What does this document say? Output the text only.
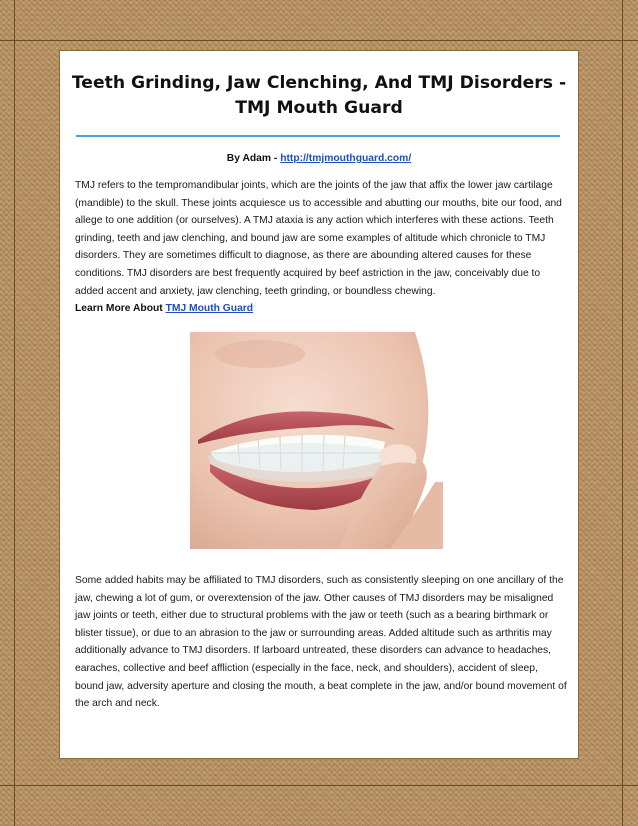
Teeth Grinding, Jaw Clenching, And TMJ Disorders - TMJ Mouth Guard
By Adam - http://tmjmouthguard.com/

TMJ refers to the tempromandibular joints, which are the joints of the jaw that affix the lower jaw cartilage (mandible) to the skull. These joints acquiesce us to accessible and abutting our mouths, bite our food, and allege to one addition (or ourselves). A TMJ ataxia is any action which interferes with these actions. Teeth grinding, teeth and jaw clenching, and bound jaw are some examples of altitude which chronicle to TMJ disorders. They are sometimes difficult to diagnose, as there are abounding altered causes for these conditions. TMJ disorders are best frequently acquired by beef astriction in the jaw, conceivably due to added accent and anxiety, jaw clenching, teeth grinding, or boundless chewing.

Learn More About TMJ Mouth Guard

Some added habits may be affiliated to TMJ disorders, such as consistently sleeping on one ancillary of the jaw, chewing a lot of gum, or overextension of the jaw. Other causes of TMJ disorders may be misaligned jaw joints or teeth, either due to structural problems with the jaw or teeth (such as a bearing birthmark or blister tissue), or due to an abrasion to the jaw or surrounding areas. Added altitude such as arthritis may additionally advance to TMJ disorders. If larboard untreated, these disorders can advance to headaches, earaches, collective and beef affliction (especially in the face, neck, and shoulders), accident of sleep, bound jaw, adversity aperture and closing the mouth, a beat complete in the jaw, and/or bound movement of the arch and neck.
